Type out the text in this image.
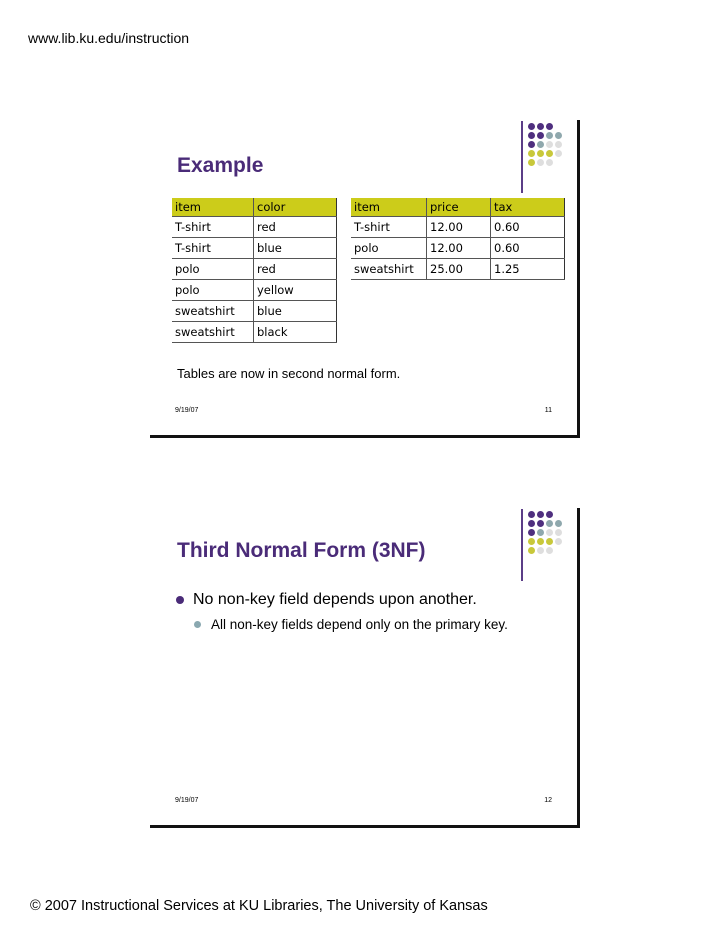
www.lib.ku.edu/instruction
Example
item	color
T-shirt	red
T-shirt	blue
polo	red
polo	yellow
sweatshirt	blue
sweatshirt	black
item	price	tax
T-shirt	12.00	0.60
polo	12.00	0.60
sweatshirt	25.00	1.25
Tables are now in second normal form.
9/19/07	11
Third Normal Form (3NF)
No non-key field depends upon another.
All non-key fields depend only on the primary key.
9/19/07	12
© 2007 Instructional Services at KU Libraries, The University of Kansas
